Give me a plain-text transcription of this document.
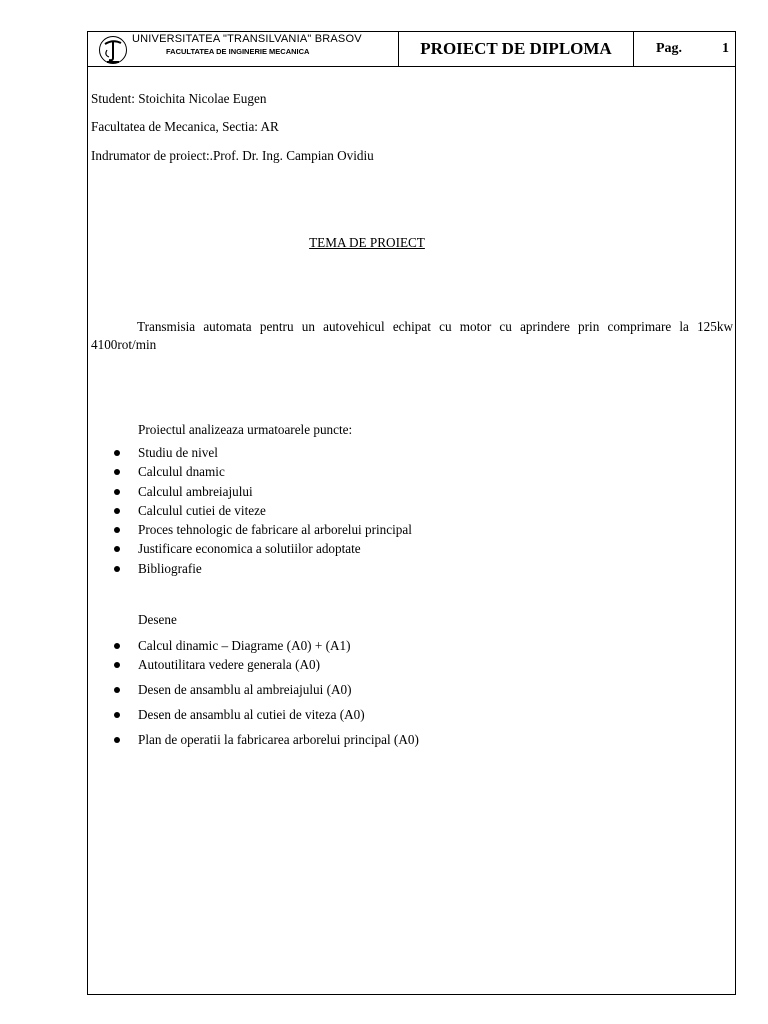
UNIVERSITATEA "TRANSILVANIA" BRASOV
FACULTATEA DE INGINERIE MECANICA	PROIECT DE DIPLOMA	Pag.	1
Student: Stoichita Nicolae Eugen
Facultatea de Mecanica, Sectia: AR
Indrumator de proiect:.Prof. Dr. Ing. Campian Ovidiu
TEMA DE PROIECT
Transmisia automata pentru un autovehicul echipat cu motor cu aprindere prin comprimare la 125kw 4100rot/min
Proiectul analizeaza urmatoarele puncte:
Studiu de nivel
Calculul dnamic
Calculul ambreiajului
Calculul cutiei de viteze
Proces tehnologic de fabricare al arborelui principal
Justificare economica a solutiilor adoptate
Bibliografie
Desene
Calcul dinamic – Diagrame (A0) + (A1)
Autoutilitara vedere generala (A0)
Desen de ansamblu al ambreiajului (A0)
Desen de ansamblu al cutiei de viteza (A0)
Plan de operatii la fabricarea arborelui principal (A0)
